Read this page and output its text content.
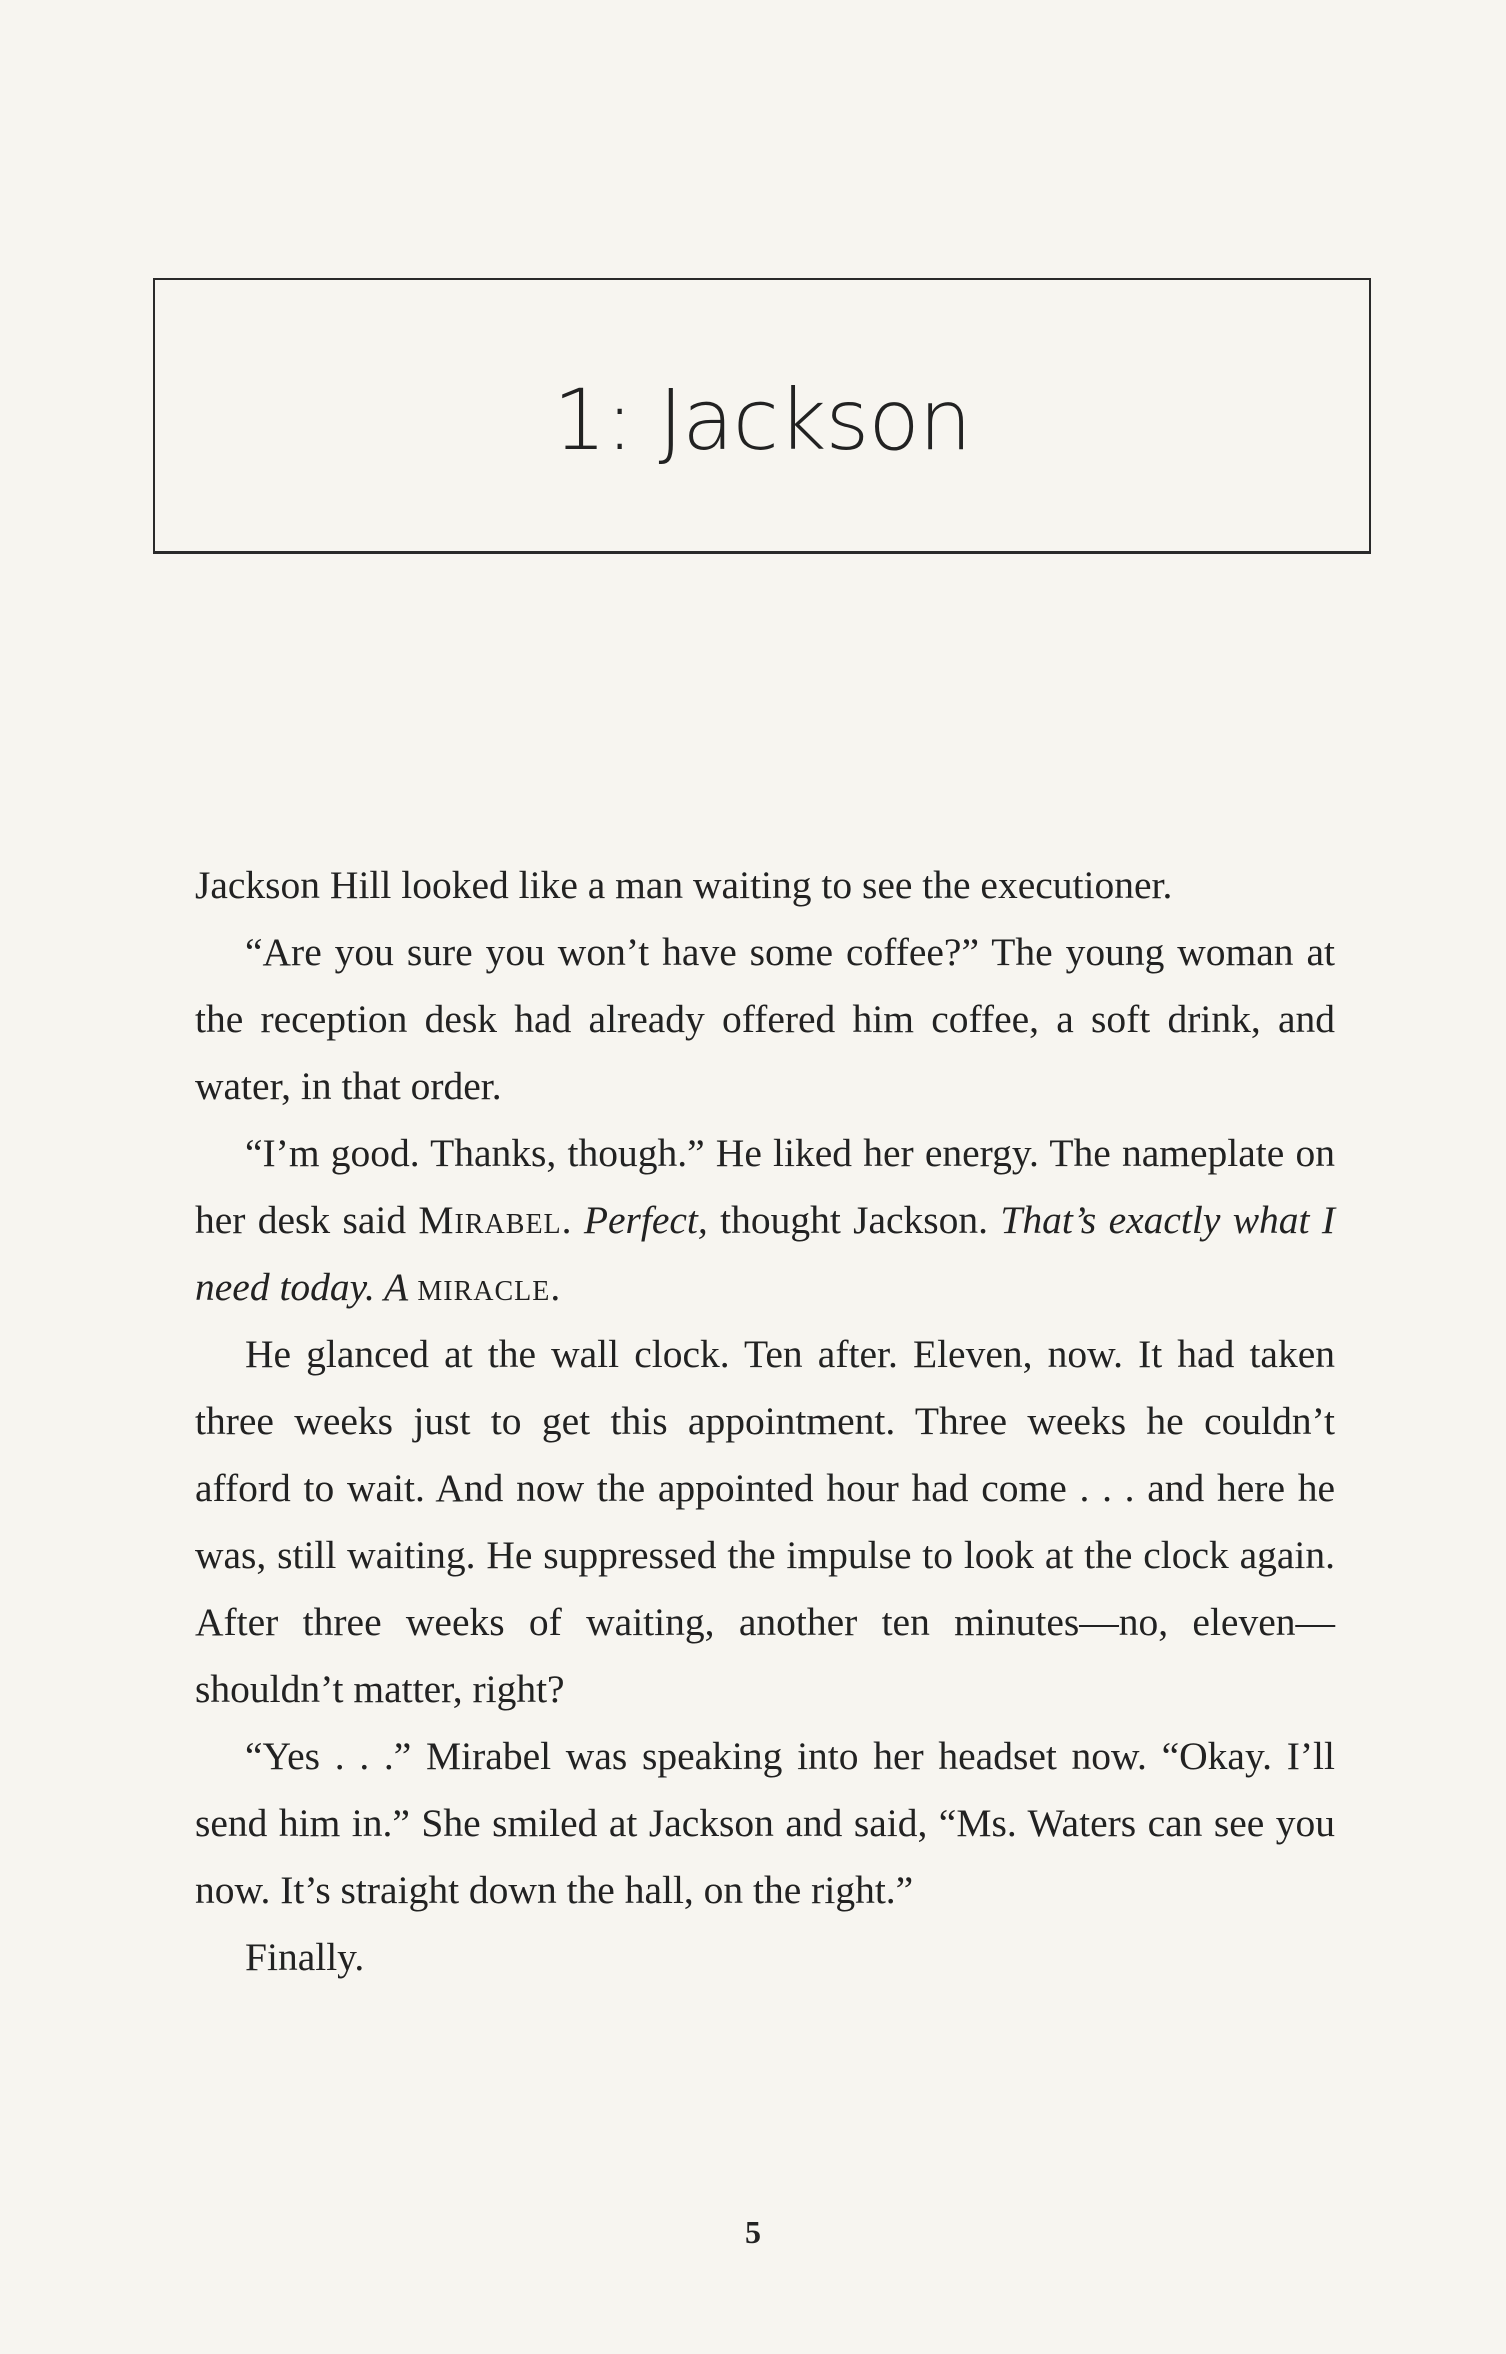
1: Jackson

Jackson Hill looked like a man waiting to see the executioner.

“Are you sure you won’t have some coffee?” The young woman at the reception desk had already offered him coffee, a soft drink, and water, in that order.

“I’m good. Thanks, though.” He liked her energy. The nameplate on her desk said Mirabel. Perfect, thought Jackson. That’s exactly what I need today. A miracle.

He glanced at the wall clock. Ten after. Eleven, now. It had taken three weeks just to get this appointment. Three weeks he couldn’t afford to wait. And now the appointed hour had come . . . and here he was, still waiting. He suppressed the impulse to look at the clock again. After three weeks of waiting, another ten minutes—no, eleven—shouldn’t matter, right?

“Yes . . .” Mirabel was speaking into her headset now. “Okay. I’ll send him in.” She smiled at Jackson and said, “Ms. Waters can see you now. It’s straight down the hall, on the right.”

Finally.

5
